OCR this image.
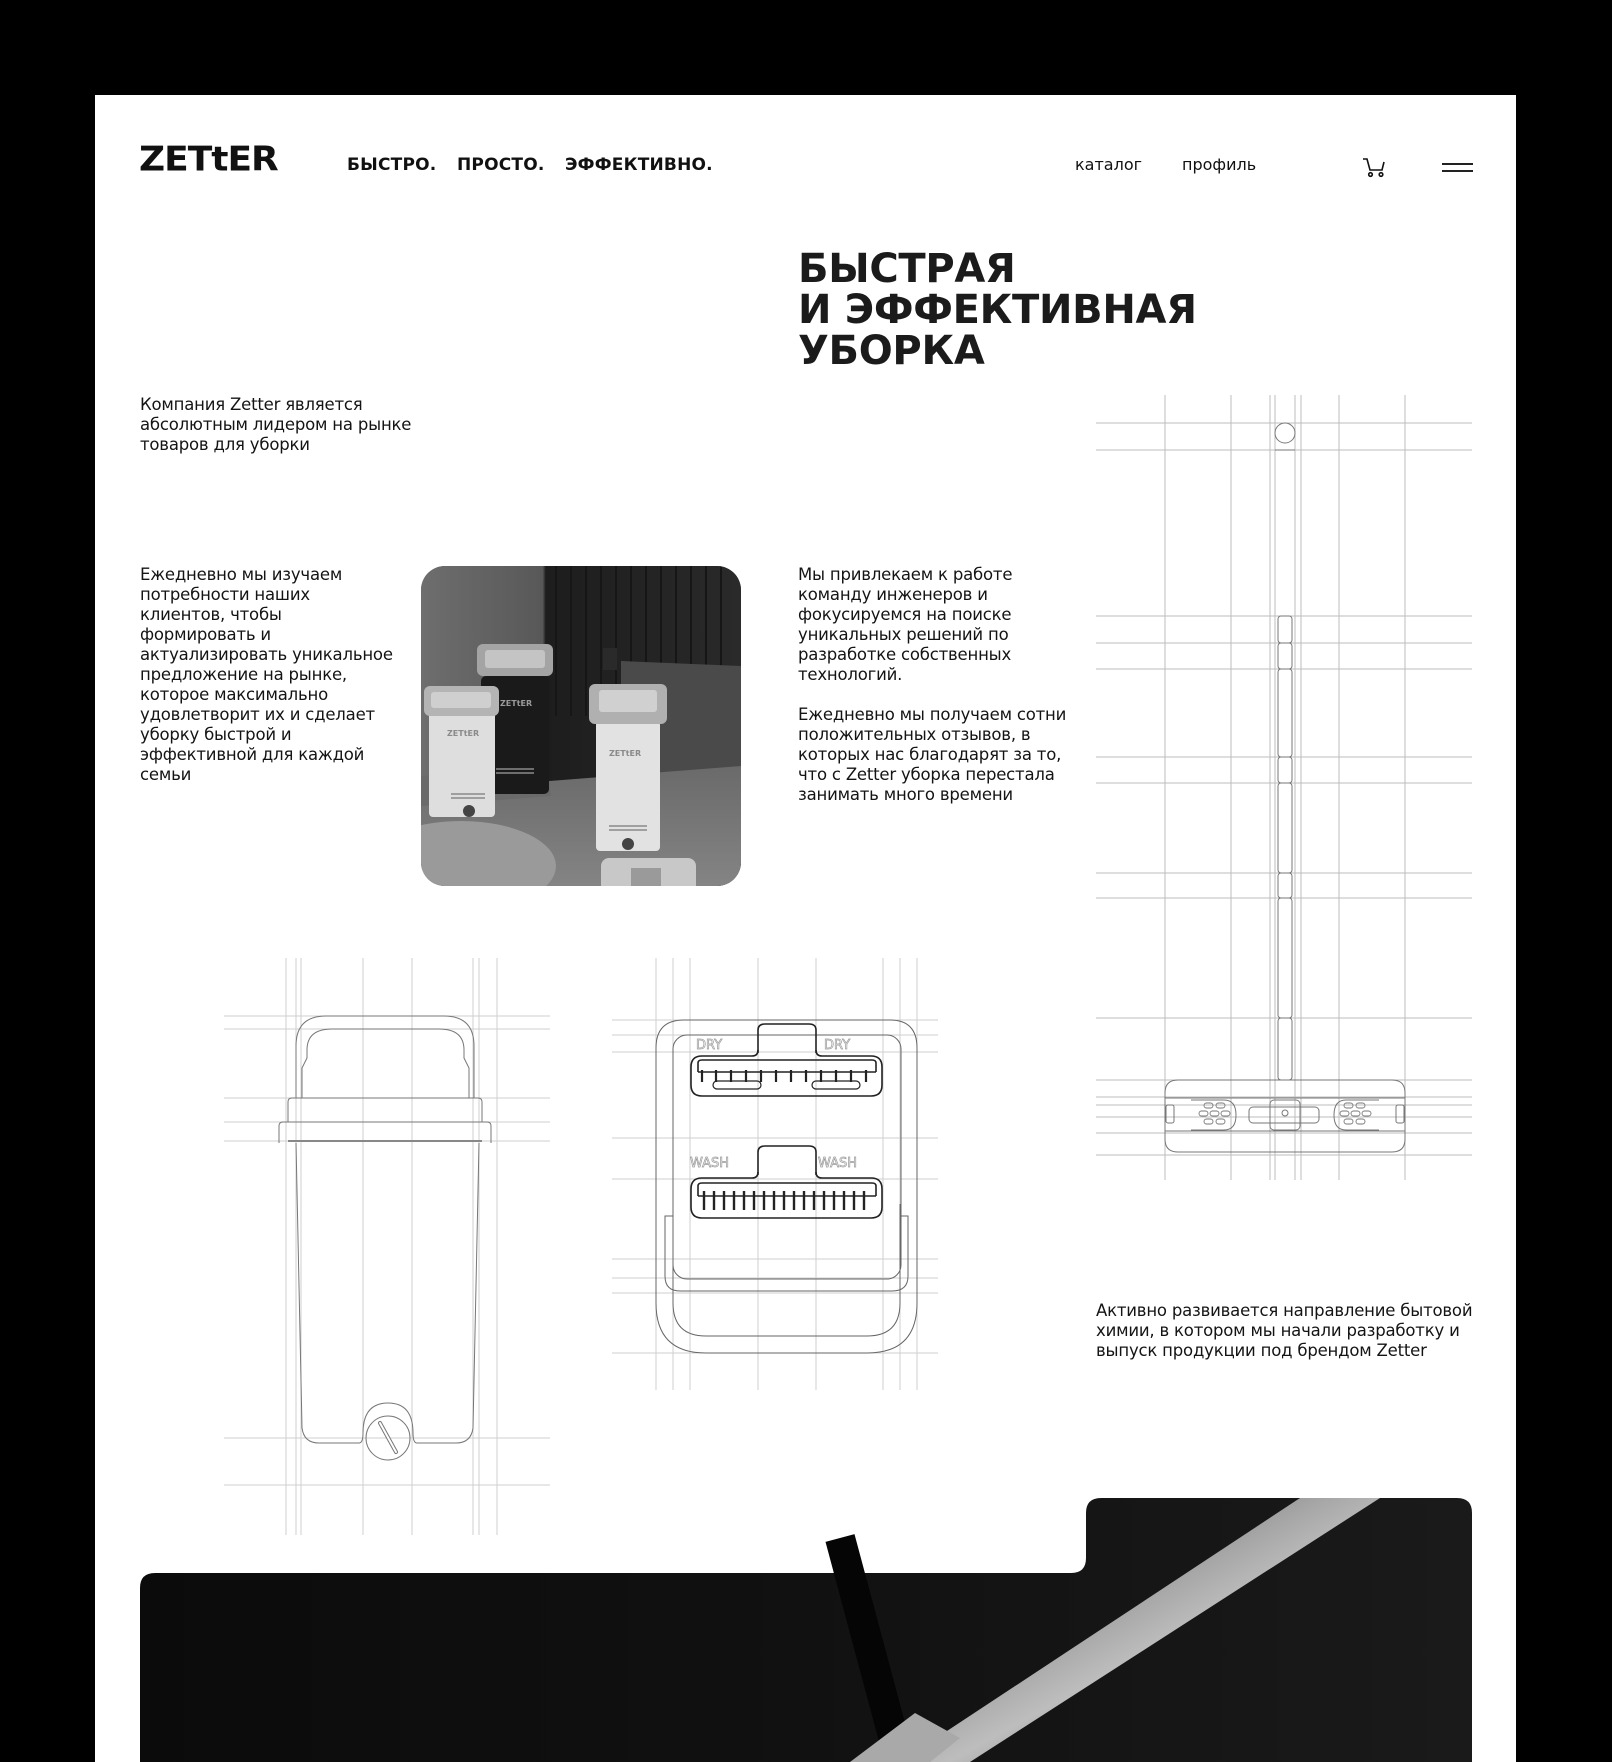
ZETtER	БЫСТРО. ПРОСТО. ЭФФЕКТИВНО.	каталог профиль
БЫСТРАЯ
И ЭФФЕКТИВНАЯ
УБОРКА

Компания Zetter является абсолютным лидером на рынке товаров для уборки

Ежедневно мы изучаем потребности наших клиентов, чтобы формировать и актуализировать уникальное предложение на рынке, которое максимально удовлетворит их и сделает уборку быстрой и эффективной для каждой семьи

Мы привлекаем к работе команду инженеров и фокусируемся на поиске уникальных решений по разработке собственных технологий.

Ежедневно мы получаем сотни положительных отзывов, в которых нас благодарят за то, что с Zetter уборка перестала занимать много времени

Активно развивается направление бытовой химии, в котором мы начали разработку и выпуск продукции под брендом Zetter

ZETtER
ZETtER
ZETtER
DRY	DRY
WASH	WASH
